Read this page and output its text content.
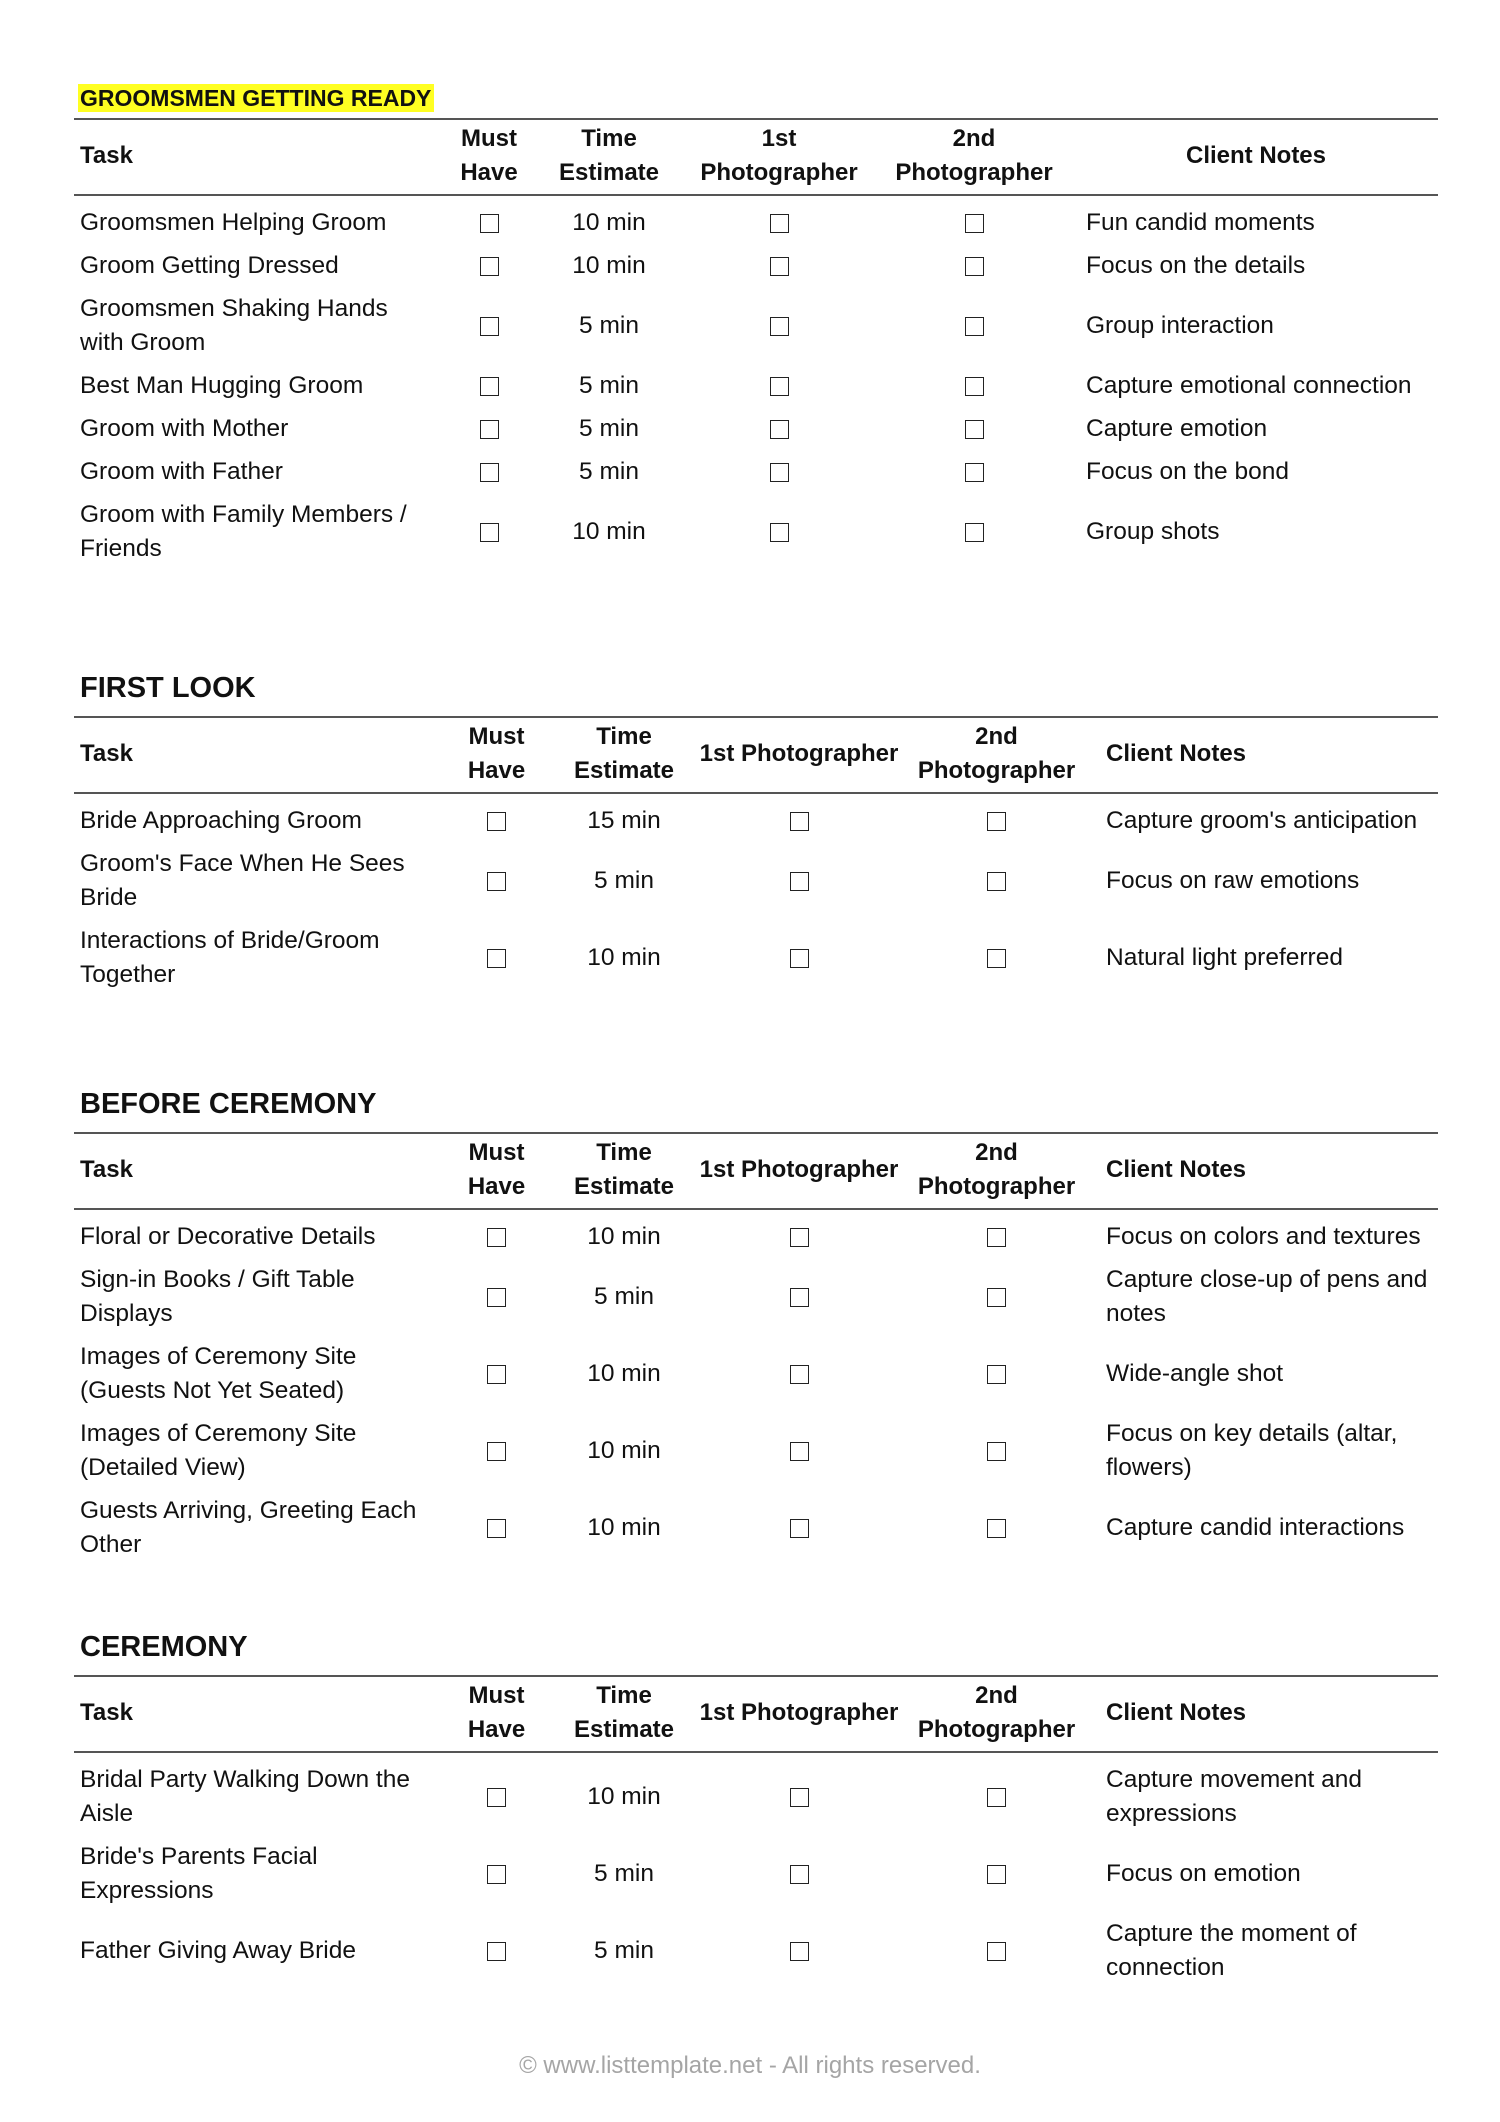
GROOMSMEN GETTING READY
Task	Must Have	Time Estimate	1st Photographer	2nd Photographer	Client Notes
Groomsmen Helping Groom		10 min			Fun candid moments
Groom Getting Dressed		10 min			Focus on the details
Groomsmen Shaking Hands with Groom		5 min			Group interaction
Best Man Hugging Groom		5 min			Capture emotional connection
Groom with Mother		5 min			Capture emotion
Groom with Father		5 min			Focus on the bond
Groom with Family Members / Friends		10 min			Group shots
FIRST LOOK
Task	Must Have	Time Estimate	1st Photographer	2nd Photographer	Client Notes
Bride Approaching Groom		15 min			Capture groom's anticipation
Groom's Face When He Sees Bride		5 min			Focus on raw emotions
Interactions of Bride/Groom Together		10 min			Natural light preferred
BEFORE CEREMONY
Task	Must Have	Time Estimate	1st Photographer	2nd Photographer	Client Notes
Floral or Decorative Details		10 min			Focus on colors and textures
Sign-in Books / Gift Table Displays		5 min			Capture close-up of pens and notes
Images of Ceremony Site (Guests Not Yet Seated)		10 min			Wide-angle shot
Images of Ceremony Site (Detailed View)		10 min			Focus on key details (altar, flowers)
Guests Arriving, Greeting Each Other		10 min			Capture candid interactions
CEREMONY
Task	Must Have	Time Estimate	1st Photographer	2nd Photographer	Client Notes
Bridal Party Walking Down the Aisle		10 min			Capture movement and expressions
Bride's Parents Facial Expressions		5 min			Focus on emotion
Father Giving Away Bride		5 min			Capture the moment of connection
© www.listtemplate.net - All rights reserved.
